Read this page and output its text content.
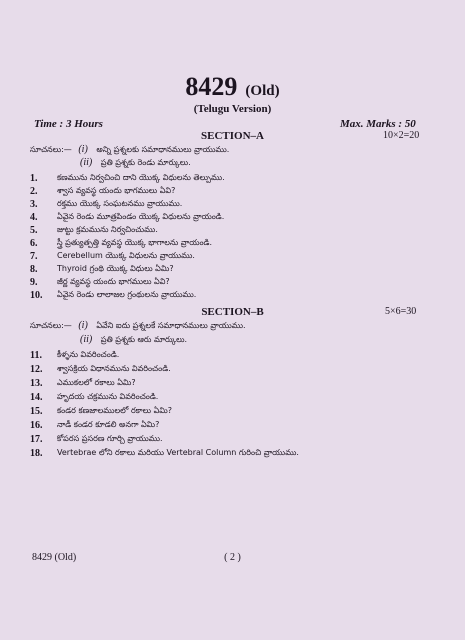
8429 (Old)
(Telugu Version)
Time : 3 Hours	Max. Marks : 50
SECTION–A	10×2=20
సూచనలు:— (i) అన్ని ప్రశ్నలకు సమాధానములు వ్రాయుము.
(ii) ప్రతి ప్రశ్నకు రెండు మార్కులు.
1.	కణమును నిర్వచించి దాని యొక్క విధులను తెల్పుము.
2.	శ్వాస వ్యవస్థ యందు భాగములు ఏవి?
3.	రక్తము యొక్క సంఘటనము వ్రాయుము.
4.	ఏవైన రెండు మూత్రపిండం యొక్క విధులను వ్రాయండి.
5.	జుట్టు క్రమమును నిర్వచించుము.
6.	స్త్రీ ప్రత్యుత్పత్తి వ్యవస్థ యొక్క భాగాలను వ్రాయండి.
7.	Cerebellum యొక్క విధులను వ్రాయుము.
8.	Thyroid గ్రంథి యొక్క విధులు ఏమి?
9.	జీర్ణ వ్యవస్థ యందు భాగములు ఏవి?
10.	ఏవైన రెండు లాలాజల గ్రంథులను వ్రాయుము.
SECTION–B	5×6=30
సూచనలు:— (i) ఏవేని ఐదు ప్రశ్నలకే సమాధానములు వ్రాయుము.
(ii) ప్రతి ప్రశ్నకు ఆరు మార్కులు.
11.	కీళ్ళను వివరించండి.
12.	శ్వాసక్రియ విధానమును వివరించండి.
13.	ఎముకలలో రకాలు ఏమి?
14.	హృదయ చక్రమును వివరించండి.
15.	కండర కణజాలములలో రకాలు ఏమి?
16.	నాడీ కండర కూడలి అనగా ఏమి?
17.	కోపరస ప్రసరణ గూర్చి వ్రాయుము.
18.	Vertebrae లోని రకాలు మరియు Vertebral Column గురించి వ్రాయుము.
8429 (Old)	( 2 )
